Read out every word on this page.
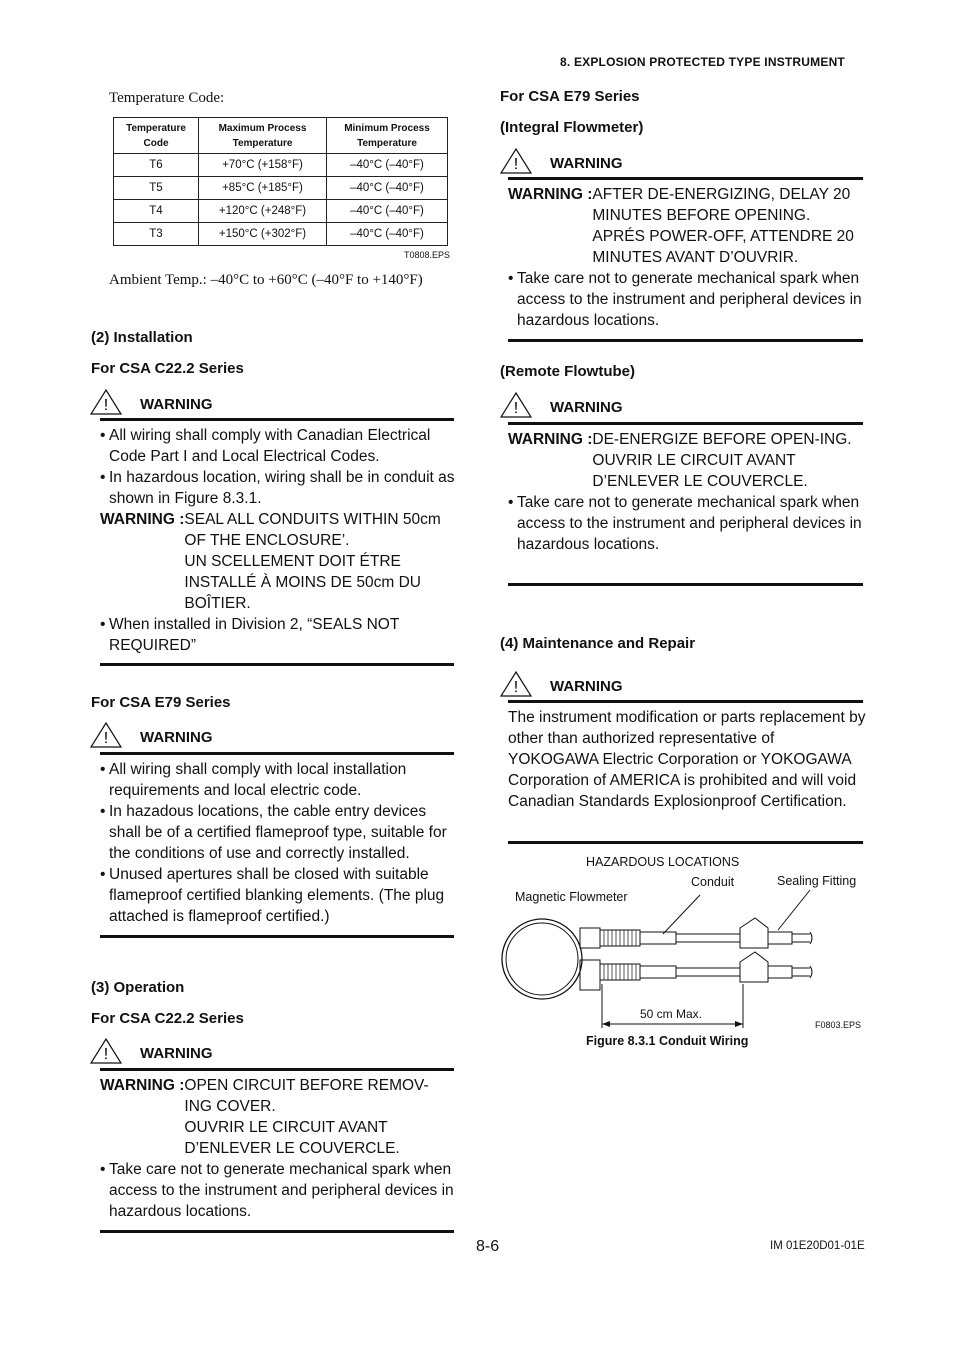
8. EXPLOSION PROTECTED TYPE INSTRUMENT
Temperature Code:
Temperature Code	Maximum Process Temperature	Minimum Process Temperature
T6	+70°C (+158°F)	–40°C (–40°F)
T5	+85°C (+185°F)	–40°C (–40°F)
T4	+120°C (+248°F)	–40°C (–40°F)
T3	+150°C (+302°F)	–40°C (–40°F)
T0808.EPS
Ambient Temp.: –40°C to +60°C (–40°F to +140°F)
(2) Installation
For CSA C22.2 Series
! WARNING
• All wiring shall comply with Canadian Electrical Code Part I and Local Electrical Codes.
• In hazardous location, wiring shall be in conduit as shown in Figure 8.3.1.
WARNING : SEAL ALL CONDUITS WITHIN 50cm OF THE ENCLOSURE’.
UN SCELLEMENT DOIT ÉTRE INSTALLÉ À MOINS DE 50cm DU BOÎTIER.
• When installed in Division 2, “SEALS NOT REQUIRED”
For CSA E79 Series
! WARNING
• All wiring shall comply with local installation requirements and local electric code.
• In hazadous locations, the cable entry devices shall be of a certified flameproof type, suitable for the conditions of use and correctly installed.
• Unused apertures shall be closed with suitable flameproof certified blanking elements. (The plug attached is flameproof certified.)
(3) Operation
For CSA C22.2 Series
! WARNING
WARNING : OPEN CIRCUIT BEFORE REMOV-ING COVER.
OUVRIR LE CIRCUIT AVANT D’ENLEVER LE COUVERCLE.
• Take care not to generate mechanical spark when access to the instrument and peripheral devices in hazardous locations.
For CSA E79 Series
(Integral Flowmeter)
! WARNING
WARNING : AFTER DE-ENERGIZING, DELAY 20 MINUTES BEFORE OPENING.
APRÉS POWER-OFF, ATTENDRE 20 MINUTES AVANT D’OUVRIR.
• Take care not to generate mechanical spark when access to the instrument and peripheral devices in hazardous locations.
(Remote Flowtube)
! WARNING
WARNING : DE-ENERGIZE BEFORE OPEN-ING.
OUVRIR LE CIRCUIT AVANT D’ENLEVER LE COUVERCLE.
• Take care not to generate mechanical spark when access to the instrument and peripheral devices in hazardous locations.
(4) Maintenance and Repair
! WARNING
The instrument modification or parts replacement by other than authorized representative of YOKOGAWA Electric Corporation or YOKOGAWA Corporation of AMERICA is prohibited and will void Canadian Standards Explosionproof Certification.
HAZARDOUS LOCATIONS
Conduit	Sealing Fitting
Magnetic Flowmeter
50 cm Max.
F0803.EPS
Figure 8.3.1 Conduit Wiring
8-6	IM 01E20D01-01E
